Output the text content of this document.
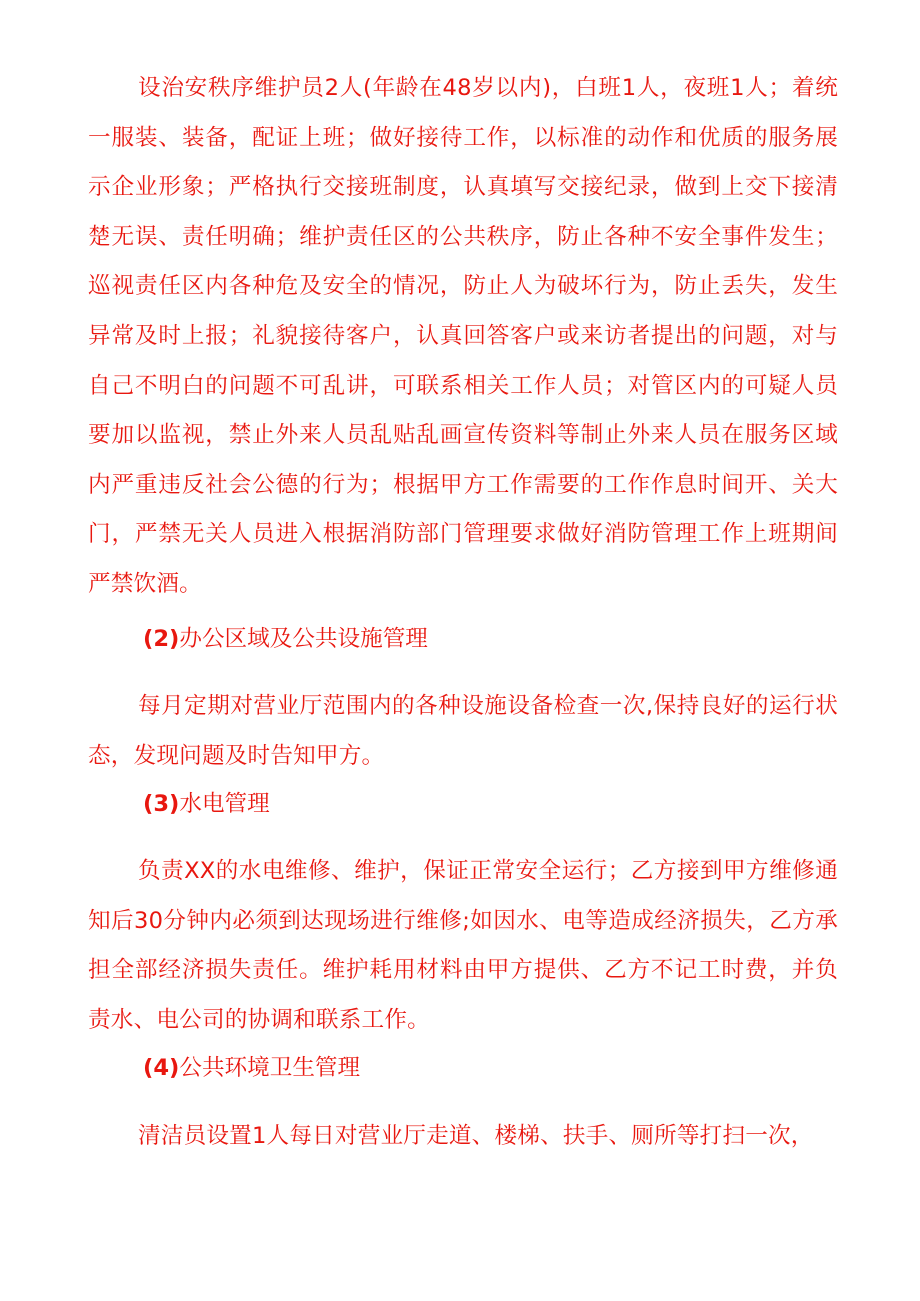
设治安秩序维护员2人(年龄在48岁以内)，白班1人，夜班1人；着统一服装、装备，配证上班；做好接待工作，以标准的动作和优质的服务展示企业形象；严格执行交接班制度，认真填写交接纪录，做到上交下接清楚无误、责任明确；维护责任区的公共秩序，防止各种不安全事件发生；巡视责任区内各种危及安全的情况，防止人为破坏行为，防止丢失，发生异常及时上报；礼貌接待客户，认真回答客户或来访者提出的问题，对与自己不明白的问题不可乱讲，可联系相关工作人员；对管区内的可疑人员要加以监视，禁止外来人员乱贴乱画宣传资料等制止外来人员在服务区域内严重违反社会公德的行为；根据甲方工作需要的工作作息时间开、关大门，严禁无关人员进入根据消防部门管理要求做好消防管理工作上班期间严禁饮酒。

(2)办公区域及公共设施管理

每月定期对营业厅范围内的各种设施设备检查一次,保持良好的运行状态，发现问题及时告知甲方。

(3)水电管理

负责XX的水电维修、维护，保证正常安全运行；乙方接到甲方维修通知后30分钟内必须到达现场进行维修;如因水、电等造成经济损失，乙方承担全部经济损失责任。维护耗用材料由甲方提供、乙方不记工时费，并负责水、电公司的协调和联系工作。

(4)公共环境卫生管理

清洁员设置1人每日对营业厅走道、楼梯、扶手、厕所等打扫一次，
